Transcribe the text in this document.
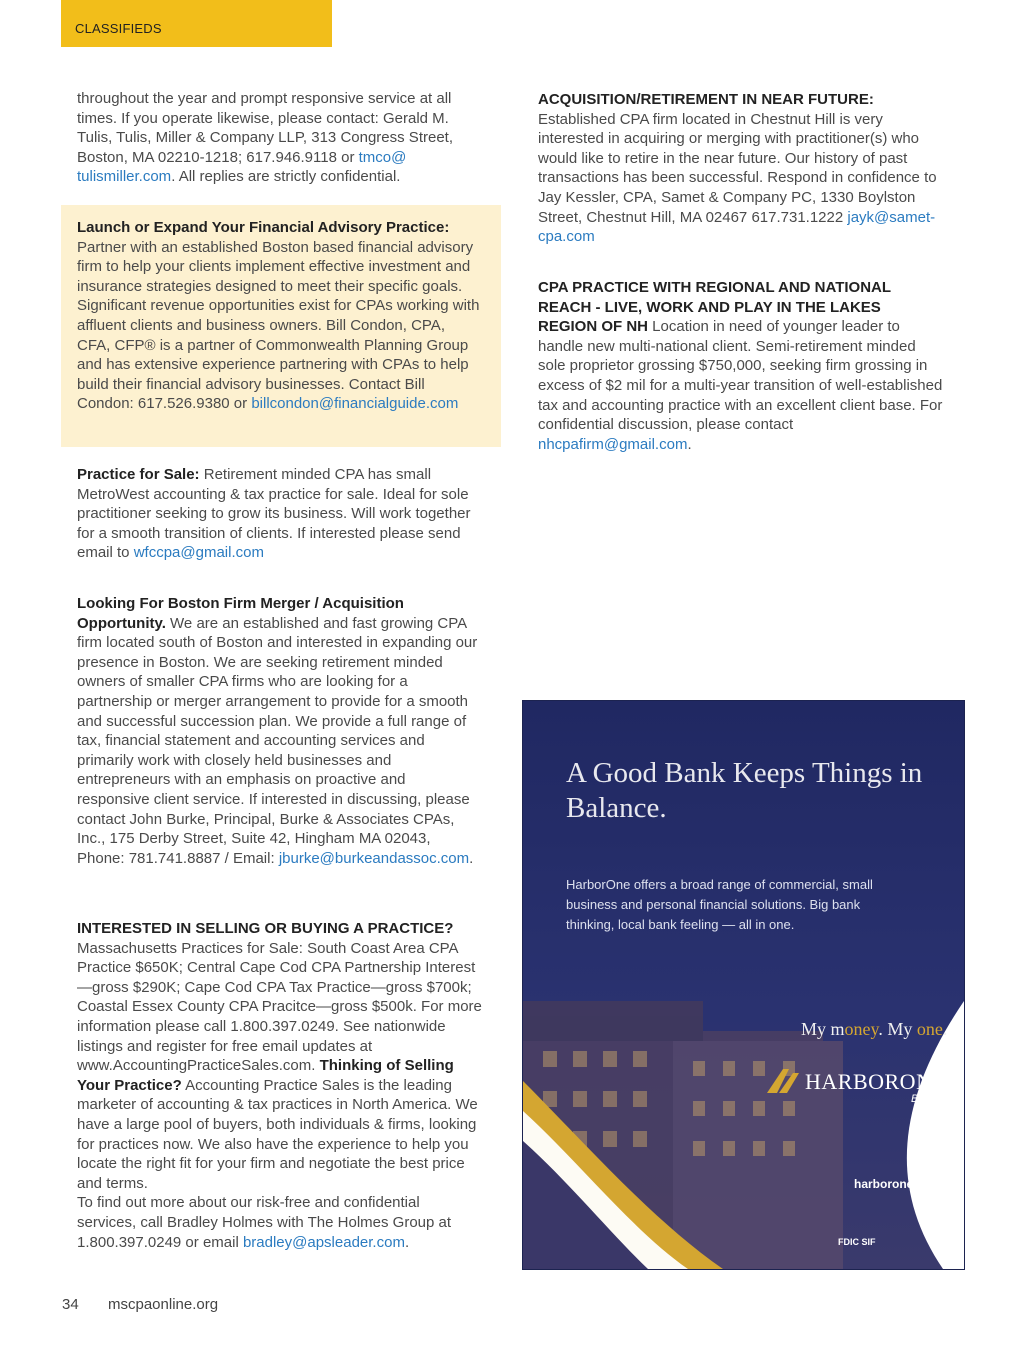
CLASSIFIEDS

throughout the year and prompt responsive service at all times. If you operate likewise, please contact: Gerald M. Tulis, Tulis, Miller & Company LLP, 313 Congress Street, Boston, MA 02210-1218; 617.946.9118 or tmco@ tulismiller.com. All replies are strictly confidential.

Launch or Expand Your Financial Advisory Practice:
Partner with an established Boston based financial advisory firm to help your clients implement effective investment and insurance strategies designed to meet their specific goals. Significant revenue opportunities exist for CPAs working with affluent clients and business owners. Bill Condon, CPA, CFA, CFP® is a partner of Commonwealth Planning Group and has extensive experience partnering with CPAs to help build their financial advisory businesses. Contact Bill Condon: 617.526.9380 or billcondon@financialguide.com

Practice for Sale: Retirement minded CPA has small MetroWest accounting & tax practice for sale. Ideal for sole practitioner seeking to grow its business. Will work together for a smooth transition of clients. If interested please send email to wfccpa@gmail.com

Looking For Boston Firm Merger / Acquisition Opportunity. We are an established and fast growing CPA firm located south of Boston and interested in expanding our presence in Boston. We are seeking retirement minded owners of smaller CPA firms who are looking for a partnership or merger arrangement to provide for a smooth and successful succession plan. We provide a full range of tax, financial statement and accounting services and primarily work with closely held businesses and entrepreneurs with an emphasis on proactive and responsive client service. If interested in discussing, please contact John Burke, Principal, Burke & Associates CPAs, Inc., 175 Derby Street, Suite 42, Hingham MA 02043, Phone: 781.741.8887 / Email: jburke@burkeandassoc.com.

INTERESTED IN SELLING OR BUYING A PRACTICE? Massachusetts Practices for Sale: South Coast Area CPA Practice $650K; Central Cape Cod CPA Partnership Interest—gross $290K; Cape Cod CPA Tax Practice—gross $700k; Coastal Essex County CPA Pracitce—gross $500k. For more information please call 1.800.397.0249. See nationwide listings and register for free email updates at www.AccountingPracticeSales.com. Thinking of Selling Your Practice? Accounting Practice Sales is the leading marketer of accounting & tax practices in North America. We have a large pool of buyers, both individuals & firms, looking for practices now. We also have the experience to help you locate the right fit for your firm and negotiate the best price and terms.
To find out more about our risk-free and confidential services, call Bradley Holmes with The Holmes Group at 1.800.397.0249 or email bradley@apsleader.com.

ACQUISITION/RETIREMENT IN NEAR FUTURE: Established CPA firm located in Chestnut Hill is very interested in acquiring or merging with practitioner(s) who would like to retire in the near future. Our history of past transactions has been successful. Respond in confidence to Jay Kessler, CPA, Samet & Company PC, 1330 Boylston Street, Chestnut Hill, MA 02467 617.731.1222 jayk@samet-cpa.com

CPA PRACTICE WITH REGIONAL AND NATIONAL REACH - LIVE, WORK AND PLAY IN THE LAKES REGION OF NH Location in need of younger leader to handle new multi-national client. Semi-retirement minded sole proprietor grossing $750,000, seeking firm grossing in excess of $2 mil for a multi-year transition of well-established tax and accounting practice with an excellent client base. For confidential discussion, please contact nhcpafirm@gmail.com.

A Good Bank Keeps Things in Balance.
HarborOne offers a broad range of commercial, small business and personal financial solutions. Big bank thinking, local bank feeling — all in one.
My money. My one.
HARBORONE
Bank
harborone.com
FDIC SIF
34 mscpaonline.org
